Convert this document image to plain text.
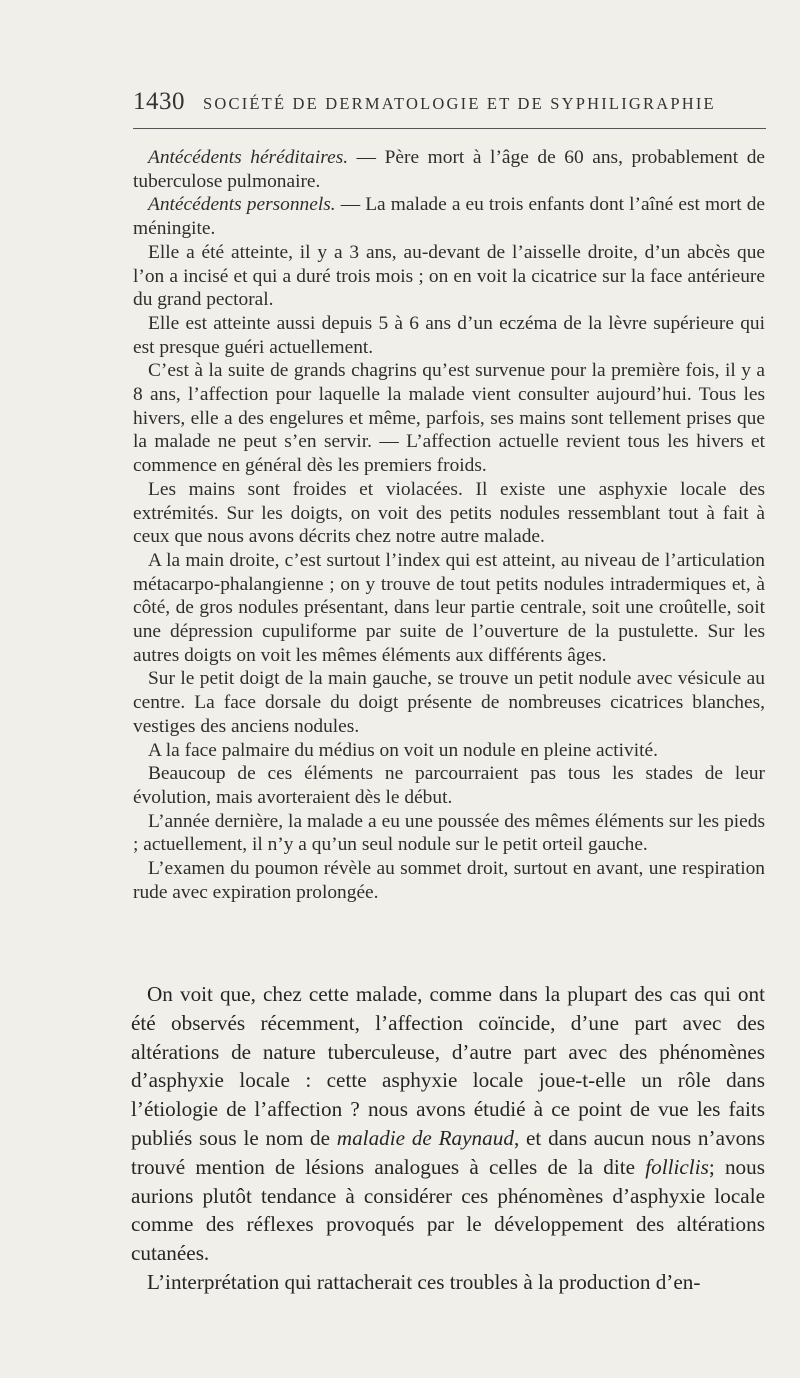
1430 SOCIÉTÉ DE DERMATOLOGIE ET DE SYPHILIGRAPHIE

Antécédents héréditaires. — Père mort à l’âge de 60 ans, probablement de tuberculose pulmonaire.

Antécédents personnels. — La malade a eu trois enfants dont l’aîné est mort de méningite.

Elle a été atteinte, il y a 3 ans, au-devant de l’aisselle droite, d’un abcès que l’on a incisé et qui a duré trois mois ; on en voit la cicatrice sur la face antérieure du grand pectoral.

Elle est atteinte aussi depuis 5 à 6 ans d’un eczéma de la lèvre supérieure qui est presque guéri actuellement.

C’est à la suite de grands chagrins qu’est survenue pour la première fois, il y a 8 ans, l’affection pour laquelle la malade vient consulter aujourd’hui. Tous les hivers, elle a des engelures et même, parfois, ses mains sont tellement prises que la malade ne peut s’en servir. — L’affection actuelle revient tous les hivers et commence en général dès les premiers froids.

Les mains sont froides et violacées. Il existe une asphyxie locale des extrémités. Sur les doigts, on voit des petits nodules ressemblant tout à fait à ceux que nous avons décrits chez notre autre malade.

A la main droite, c’est surtout l’index qui est atteint, au niveau de l’articulation métacarpo-phalangienne ; on y trouve de tout petits nodules intradermiques et, à côté, de gros nodules présentant, dans leur partie centrale, soit une croûtelle, soit une dépression cupuliforme par suite de l’ouverture de la pustulette. Sur les autres doigts on voit les mêmes éléments aux différents âges.

Sur le petit doigt de la main gauche, se trouve un petit nodule avec vésicule au centre. La face dorsale du doigt présente de nombreuses cicatrices blanches, vestiges des anciens nodules.

A la face palmaire du médius on voit un nodule en pleine activité.

Beaucoup de ces éléments ne parcourraient pas tous les stades de leur évolution, mais avorteraient dès le début.

L’année dernière, la malade a eu une poussée des mêmes éléments sur les pieds ; actuellement, il n’y a qu’un seul nodule sur le petit orteil gauche.

L’examen du poumon révèle au sommet droit, surtout en avant, une respiration rude avec expiration prolongée.

On voit que, chez cette malade, comme dans la plupart des cas qui ont été observés récemment, l’affection coïncide, d’une part avec des altérations de nature tuberculeuse, d’autre part avec des phénomènes d’asphyxie locale : cette asphyxie locale joue-t-elle un rôle dans l’étiologie de l’affection ? nous avons étudié à ce point de vue les faits publiés sous le nom de maladie de Raynaud, et dans aucun nous n’avons trouvé mention de lésions analogues à celles de la dite folliclis; nous aurions plutôt tendance à considérer ces phénomènes d’asphyxie locale comme des réflexes provoqués par le développement des altérations cutanées.

L’interprétation qui rattacherait ces troubles à la production d’en-
